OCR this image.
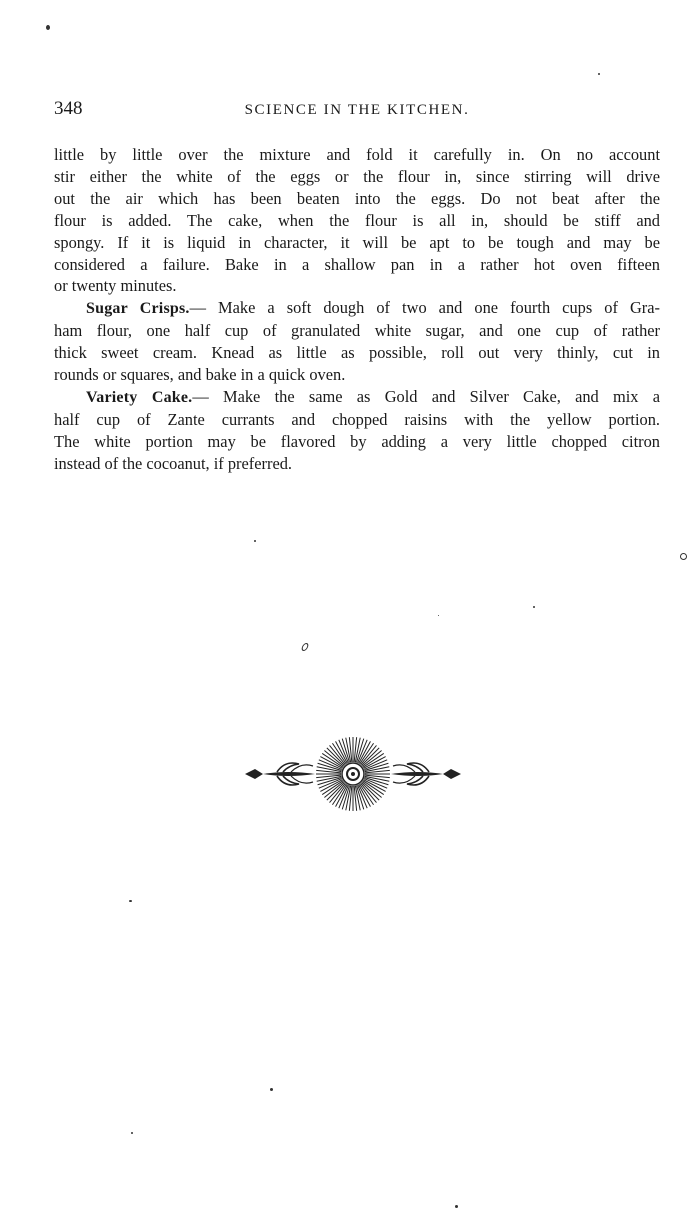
348	SCIENCE IN THE KITCHEN.

little by little over the mixture and fold it carefully in. On no account
stir either the white of the eggs or the flour in, since stirring will drive
out the air which has been beaten into the eggs. Do not beat after the
flour is added. The cake, when the flour is all in, should be stiff and
spongy. If it is liquid in character, it will be apt to be tough and may be
considered a failure. Bake in a shallow pan in a rather hot oven fifteen
or twenty minutes.

Sugar Crisps.— Make a soft dough of two and one fourth cups of Gra-
ham flour, one half cup of granulated white sugar, and one cup of rather
thick sweet cream. Knead as little as possible, roll out very thinly, cut in
rounds or squares, and bake in a quick oven.

Variety Cake.— Make the same as Gold and Silver Cake, and mix a
half cup of Zante currants and chopped raisins with the yellow portion.
The white portion may be flavored by adding a very little chopped citron
instead of the cocoanut, if preferred.
